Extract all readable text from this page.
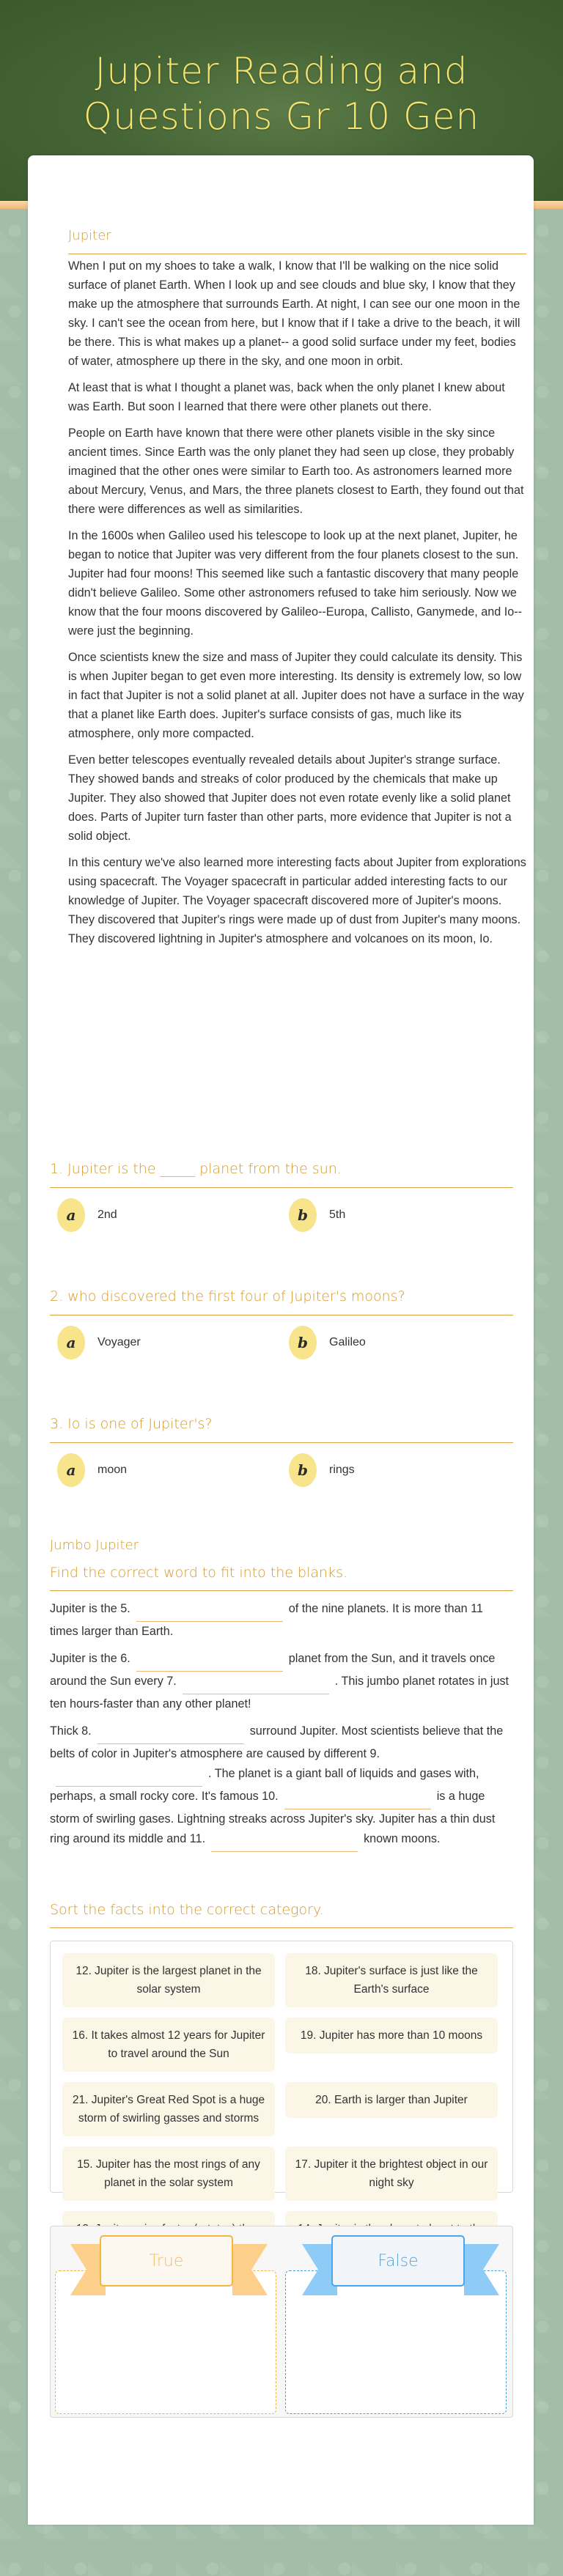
Jupiter Reading and
Questions Gr 10 Gen
Jupiter

When I put on my shoes to take a walk, I know that I'll be walking on the nice solid surface of planet Earth. When I look up and see clouds and blue sky, I know that they make up the atmosphere that surrounds Earth. At night, I can see our one moon in the sky. I can't see the ocean from here, but I know that if I take a drive to the beach, it will be there. This is what makes up a planet-- a good solid surface under my feet, bodies of water, atmosphere up there in the sky, and one moon in orbit.

At least that is what I thought a planet was, back when the only planet I knew about was Earth. But soon I learned that there were other planets out there.

People on Earth have known that there were other planets visible in the sky since ancient times. Since Earth was the only planet they had seen up close, they probably imagined that the other ones were similar to Earth too. As astronomers learned more about Mercury, Venus, and Mars, the three planets closest to Earth, they found out that there were differences as well as similarities.

In the 1600s when Galileo used his telescope to look up at the next planet, Jupiter, he began to notice that Jupiter was very different from the four planets closest to the sun. Jupiter had four moons! This seemed like such a fantastic discovery that many people didn't believe Galileo. Some other astronomers refused to take him seriously. Now we know that the four moons discovered by Galileo--Europa, Callisto, Ganymede, and Io-- were just the beginning.

Once scientists knew the size and mass of Jupiter they could calculate its density. This is when Jupiter began to get even more interesting. Its density is extremely low, so low in fact that Jupiter is not a solid planet at all. Jupiter does not have a surface in the way that a planet like Earth does. Jupiter's surface consists of gas, much like its atmosphere, only more compacted.

Even better telescopes eventually revealed details about Jupiter's strange surface. They showed bands and streaks of color produced by the chemicals that make up Jupiter. They also showed that Jupiter does not even rotate evenly like a solid planet does. Parts of Jupiter turn faster than other parts, more evidence that Jupiter is not a solid object.

In this century we've also learned more interesting facts about Jupiter from explorations using spacecraft. The Voyager spacecraft in particular added interesting facts to our knowledge of Jupiter. The Voyager spacecraft discovered more of Jupiter's moons. They discovered that Jupiter's rings were made up of dust from Jupiter's many moons. They discovered lightning in Jupiter's atmosphere and volcanoes on its moon, Io.

1. Jupiter is the _____ planet from the sun.
a	2nd	b	5th
2. who discovered the first four of Jupiter's moons?
a	Voyager	b	Galileo
3. Io is one of Jupiter's?
a	moon	b	rings
Jumbo Jupiter
Find the correct word to fit into the blanks.

Jupiter is the 5.	of the nine planets. It is more than 11 times larger than Earth.

Jupiter is the 6.	planet from the Sun, and it travels once around the Sun every 7.	. This jumbo planet rotates in just ten hours-faster than any other planet!

Thick 8.	surround Jupiter. Most scientists believe that the belts of color in Jupiter's atmosphere are caused by different 9.. The planet is a giant ball of liquids and gases with, perhaps, a small rocky core. It's famous 10.	is a huge storm of swirling gases. Lightning streaks across Jupiter's sky. Jupiter has a thin dust ring around its middle and 11.	known moons.

Sort the facts into the correct category.
12. Jupiter is the largest planet in the solar system
18. Jupiter's surface is just like the Earth's surface
16. It takes almost 12 years for Jupiter to travel around the Sun
19. Jupiter has more than 10 moons
21. Jupiter's Great Red Spot is a huge storm of swirling gasses and storms
20. Earth is larger than Jupiter
15. Jupiter has the most rings of any planet in the solar system
17. Jupiter it the brightest object in our night sky
True	False
